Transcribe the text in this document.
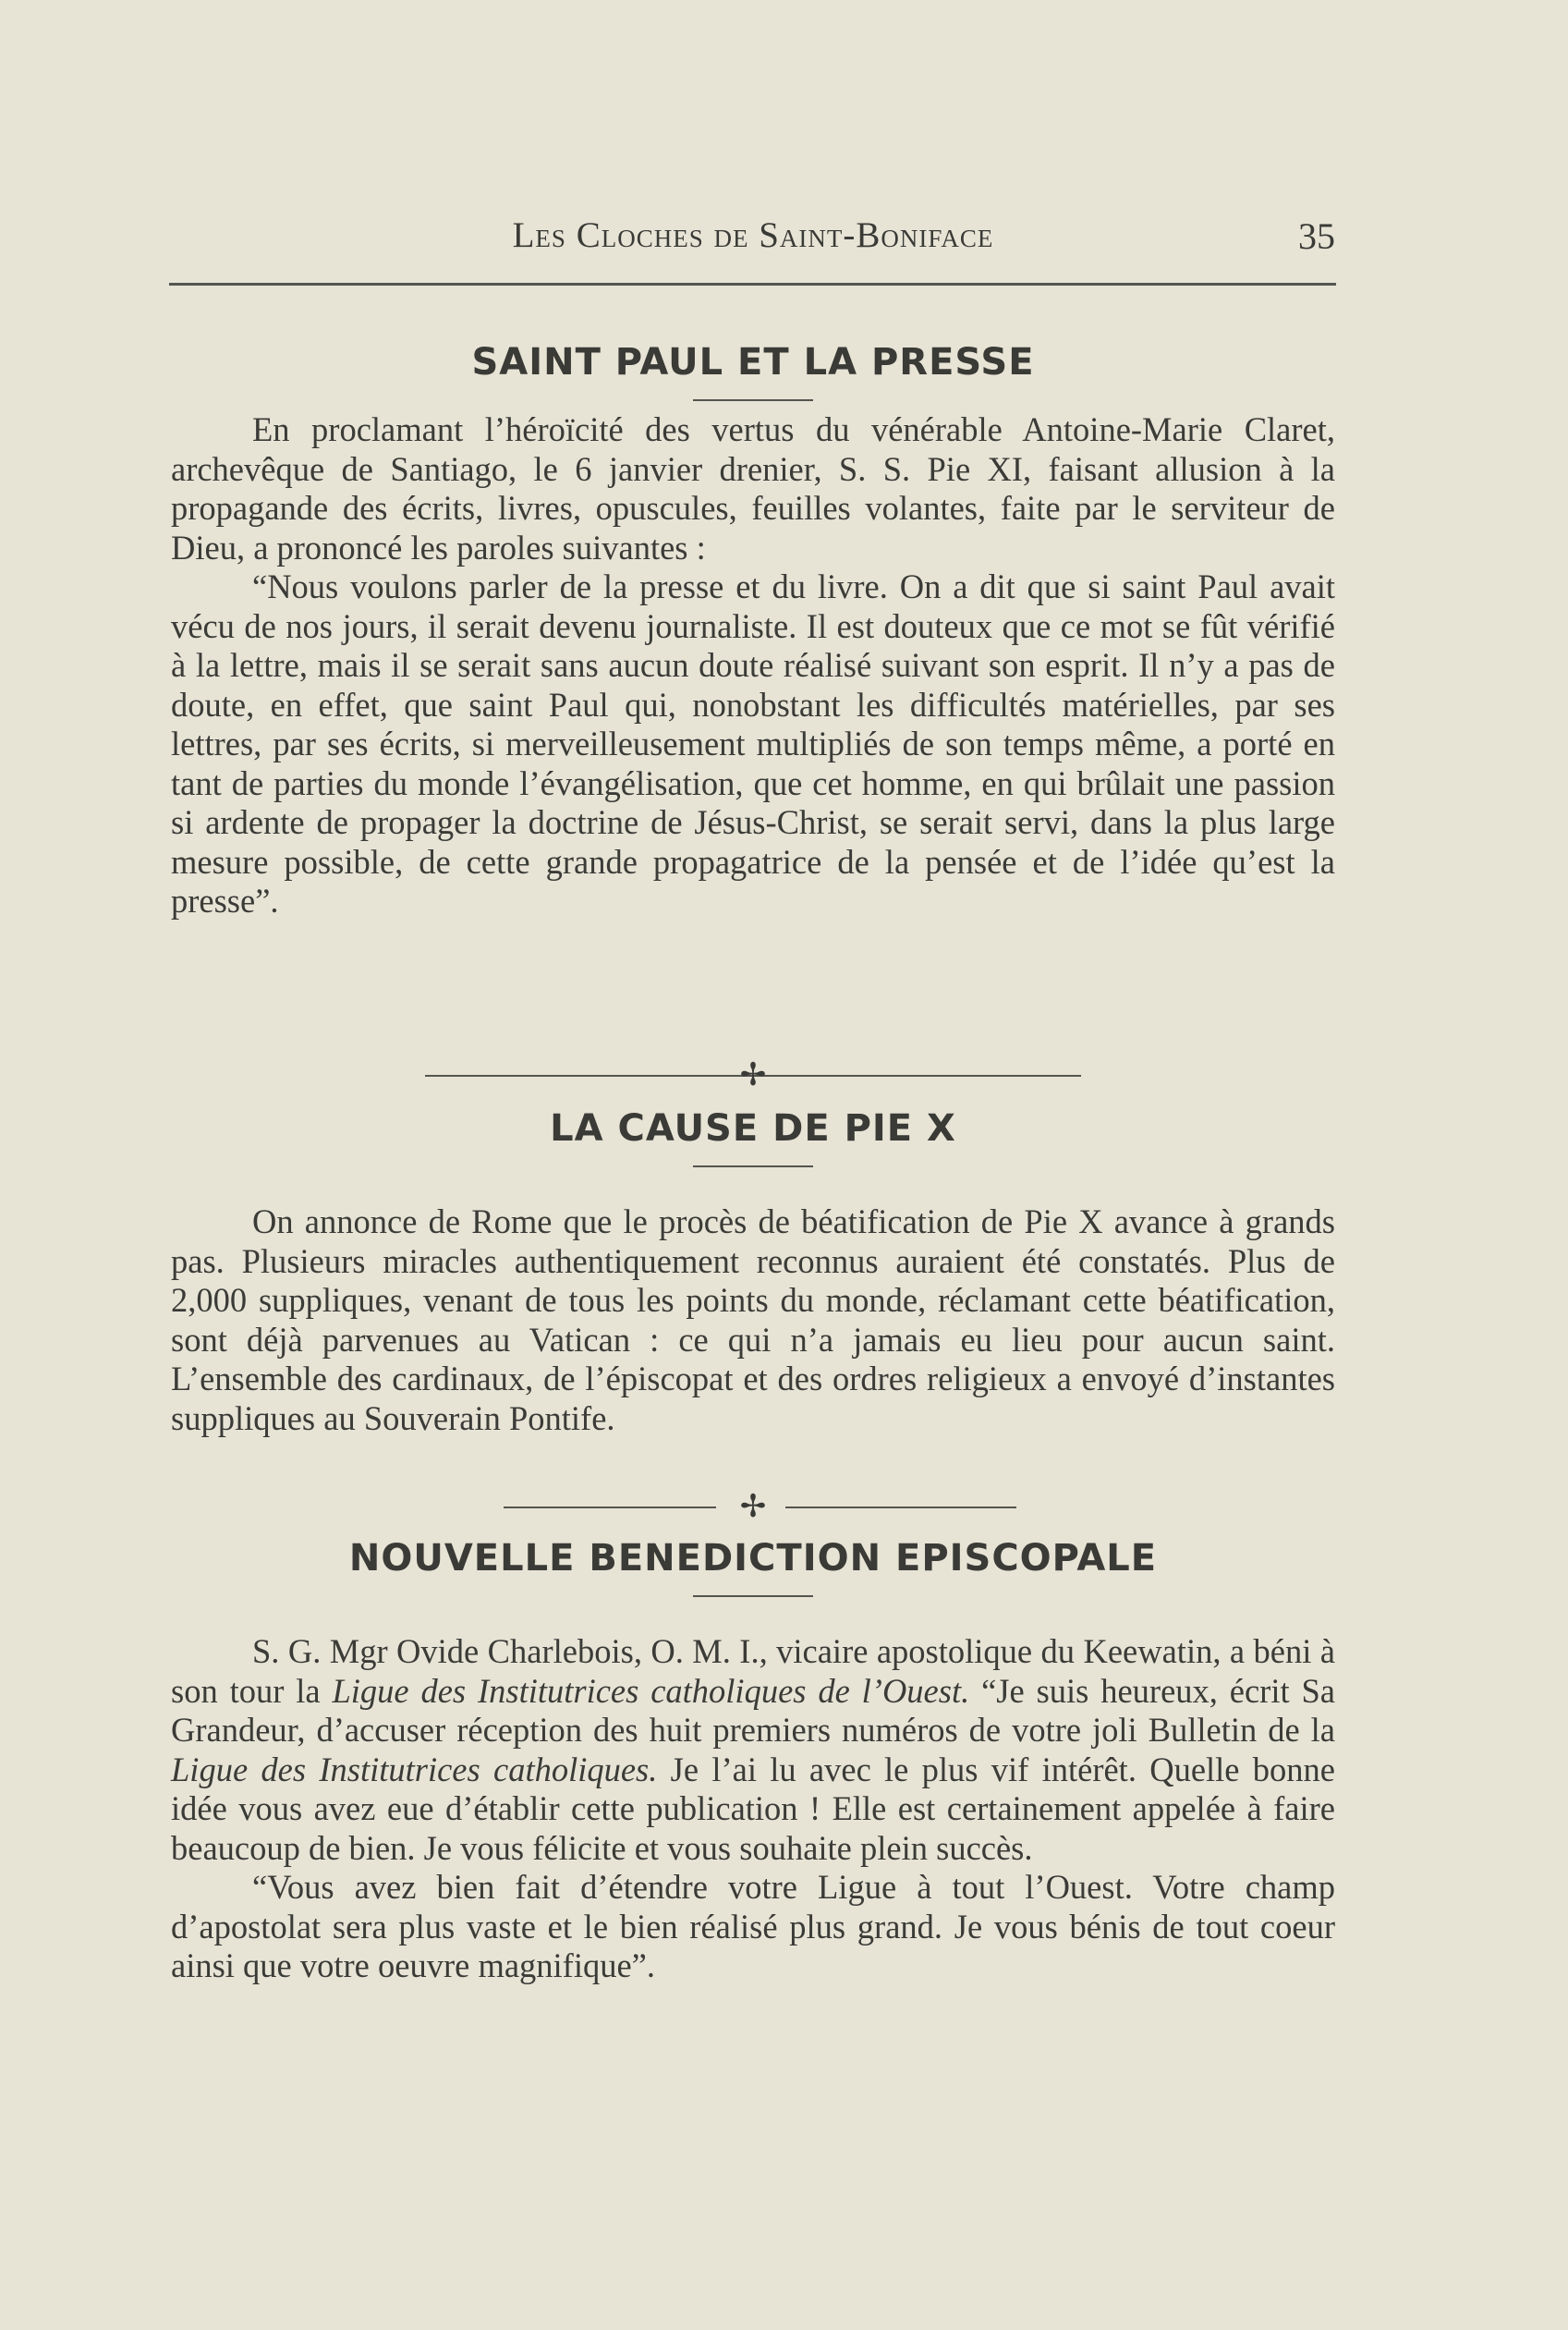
Les Cloches de Saint-Boniface	35
SAINT PAUL ET LA PRESSE

En proclamant l’héroïcité des vertus du vénérable Antoine-Marie Claret, archevêque de Santiago, le 6 janvier drenier, S. S. Pie XI, faisant allusion à la propagande des écrits, livres, opuscules, feuilles volantes, faite par le serviteur de Dieu, a prononcé les paroles suivantes :

“Nous voulons parler de la presse et du livre. On a dit que si saint Paul avait vécu de nos jours, il serait devenu journaliste. Il est douteux que ce mot se fût vérifié à la lettre, mais il se serait sans aucun doute réalisé suivant son esprit. Il n’y a pas de doute, en effet, que saint Paul qui, nonobstant les difficultés matérielles, par ses lettres, par ses écrits, si merveilleusement multipliés de son temps même, a porté en tant de parties du monde l’évangélisation, que cet homme, en qui brûlait une passion si ardente de propager la doctrine de Jésus-Christ, se serait servi, dans la plus large mesure possible, de cette grande propagatrice de la pensée et de l’idée qu’est la presse”.

✢
LA CAUSE DE PIE X

On annonce de Rome que le procès de béatification de Pie X avance à grands pas. Plusieurs miracles authentiquement reconnus auraient été constatés. Plus de 2,000 suppliques, venant de tous les points du monde, réclamant cette béatification, sont déjà parvenues au Vatican : ce qui n’a jamais eu lieu pour aucun saint. L’ensemble des cardinaux, de l’épiscopat et des ordres religieux a envoyé d’instantes suppliques au Souverain Pontife.

✢
NOUVELLE BENEDICTION EPISCOPALE

S. G. Mgr Ovide Charlebois, O. M. I., vicaire apostolique du Keewatin, a béni à son tour la Ligue des Institutrices catholiques de l’Ouest. “Je suis heureux, écrit Sa Grandeur, d’accuser réception des huit premiers numéros de votre joli Bulletin de la Ligue des Institutrices catholiques. Je l’ai lu avec le plus vif intérêt. Quelle bonne idée vous avez eue d’établir cette publication ! Elle est certainement appelée à faire beaucoup de bien. Je vous félicite et vous souhaite plein succès.

“Vous avez bien fait d’étendre votre Ligue à tout l’Ouest. Votre champ d’apostolat sera plus vaste et le bien réalisé plus grand. Je vous bénis de tout coeur ainsi que votre oeuvre magnifique”.
